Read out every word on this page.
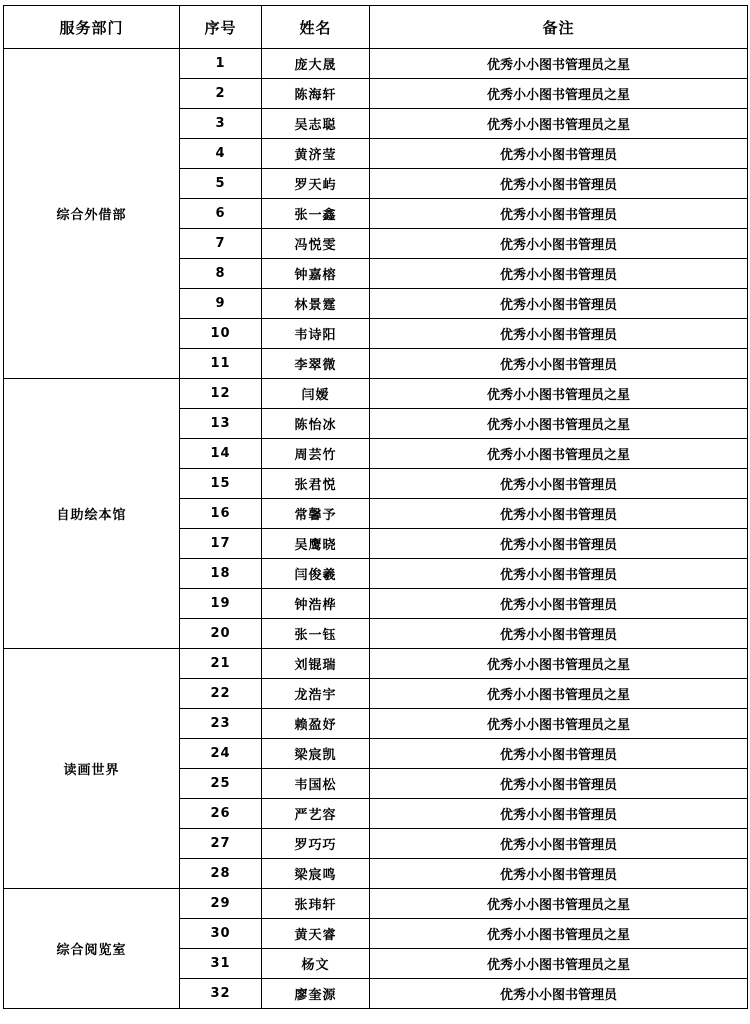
服务部门	序号	姓名	备注
综合外借部	1	庞大晟	优秀小小图书管理员之星
	2	陈海轩	优秀小小图书管理员之星
	3	吴志聪	优秀小小图书管理员之星
	4	黄济莹	优秀小小图书管理员
	5	罗天屿	优秀小小图书管理员
	6	张一鑫	优秀小小图书管理员
	7	冯悦雯	优秀小小图书管理员
	8	钟嘉榕	优秀小小图书管理员
	9	林景霆	优秀小小图书管理员
	10	韦诗阳	优秀小小图书管理员
	11	李翠微	优秀小小图书管理员
自助绘本馆	12	闫嫒	优秀小小图书管理员之星
	13	陈怡冰	优秀小小图书管理员之星
	14	周芸竹	优秀小小图书管理员之星
	15	张君悦	优秀小小图书管理员
	16	常馨予	优秀小小图书管理员
	17	吴鹰晓	优秀小小图书管理员
	18	闫俊羲	优秀小小图书管理员
	19	钟浩桦	优秀小小图书管理员
	20	张一钰	优秀小小图书管理员
读画世界	21	刘锟瑞	优秀小小图书管理员之星
	22	龙浩宇	优秀小小图书管理员之星
	23	赖盈妤	优秀小小图书管理员之星
	24	梁宸凯	优秀小小图书管理员
	25	韦国松	优秀小小图书管理员
	26	严艺容	优秀小小图书管理员
	27	罗巧巧	优秀小小图书管理员
	28	梁宸鸣	优秀小小图书管理员
综合阅览室	29	张玮轩	优秀小小图书管理员之星
	30	黄天睿	优秀小小图书管理员之星
	31	杨文	优秀小小图书管理员之星
	32	廖奎源	优秀小小图书管理员
